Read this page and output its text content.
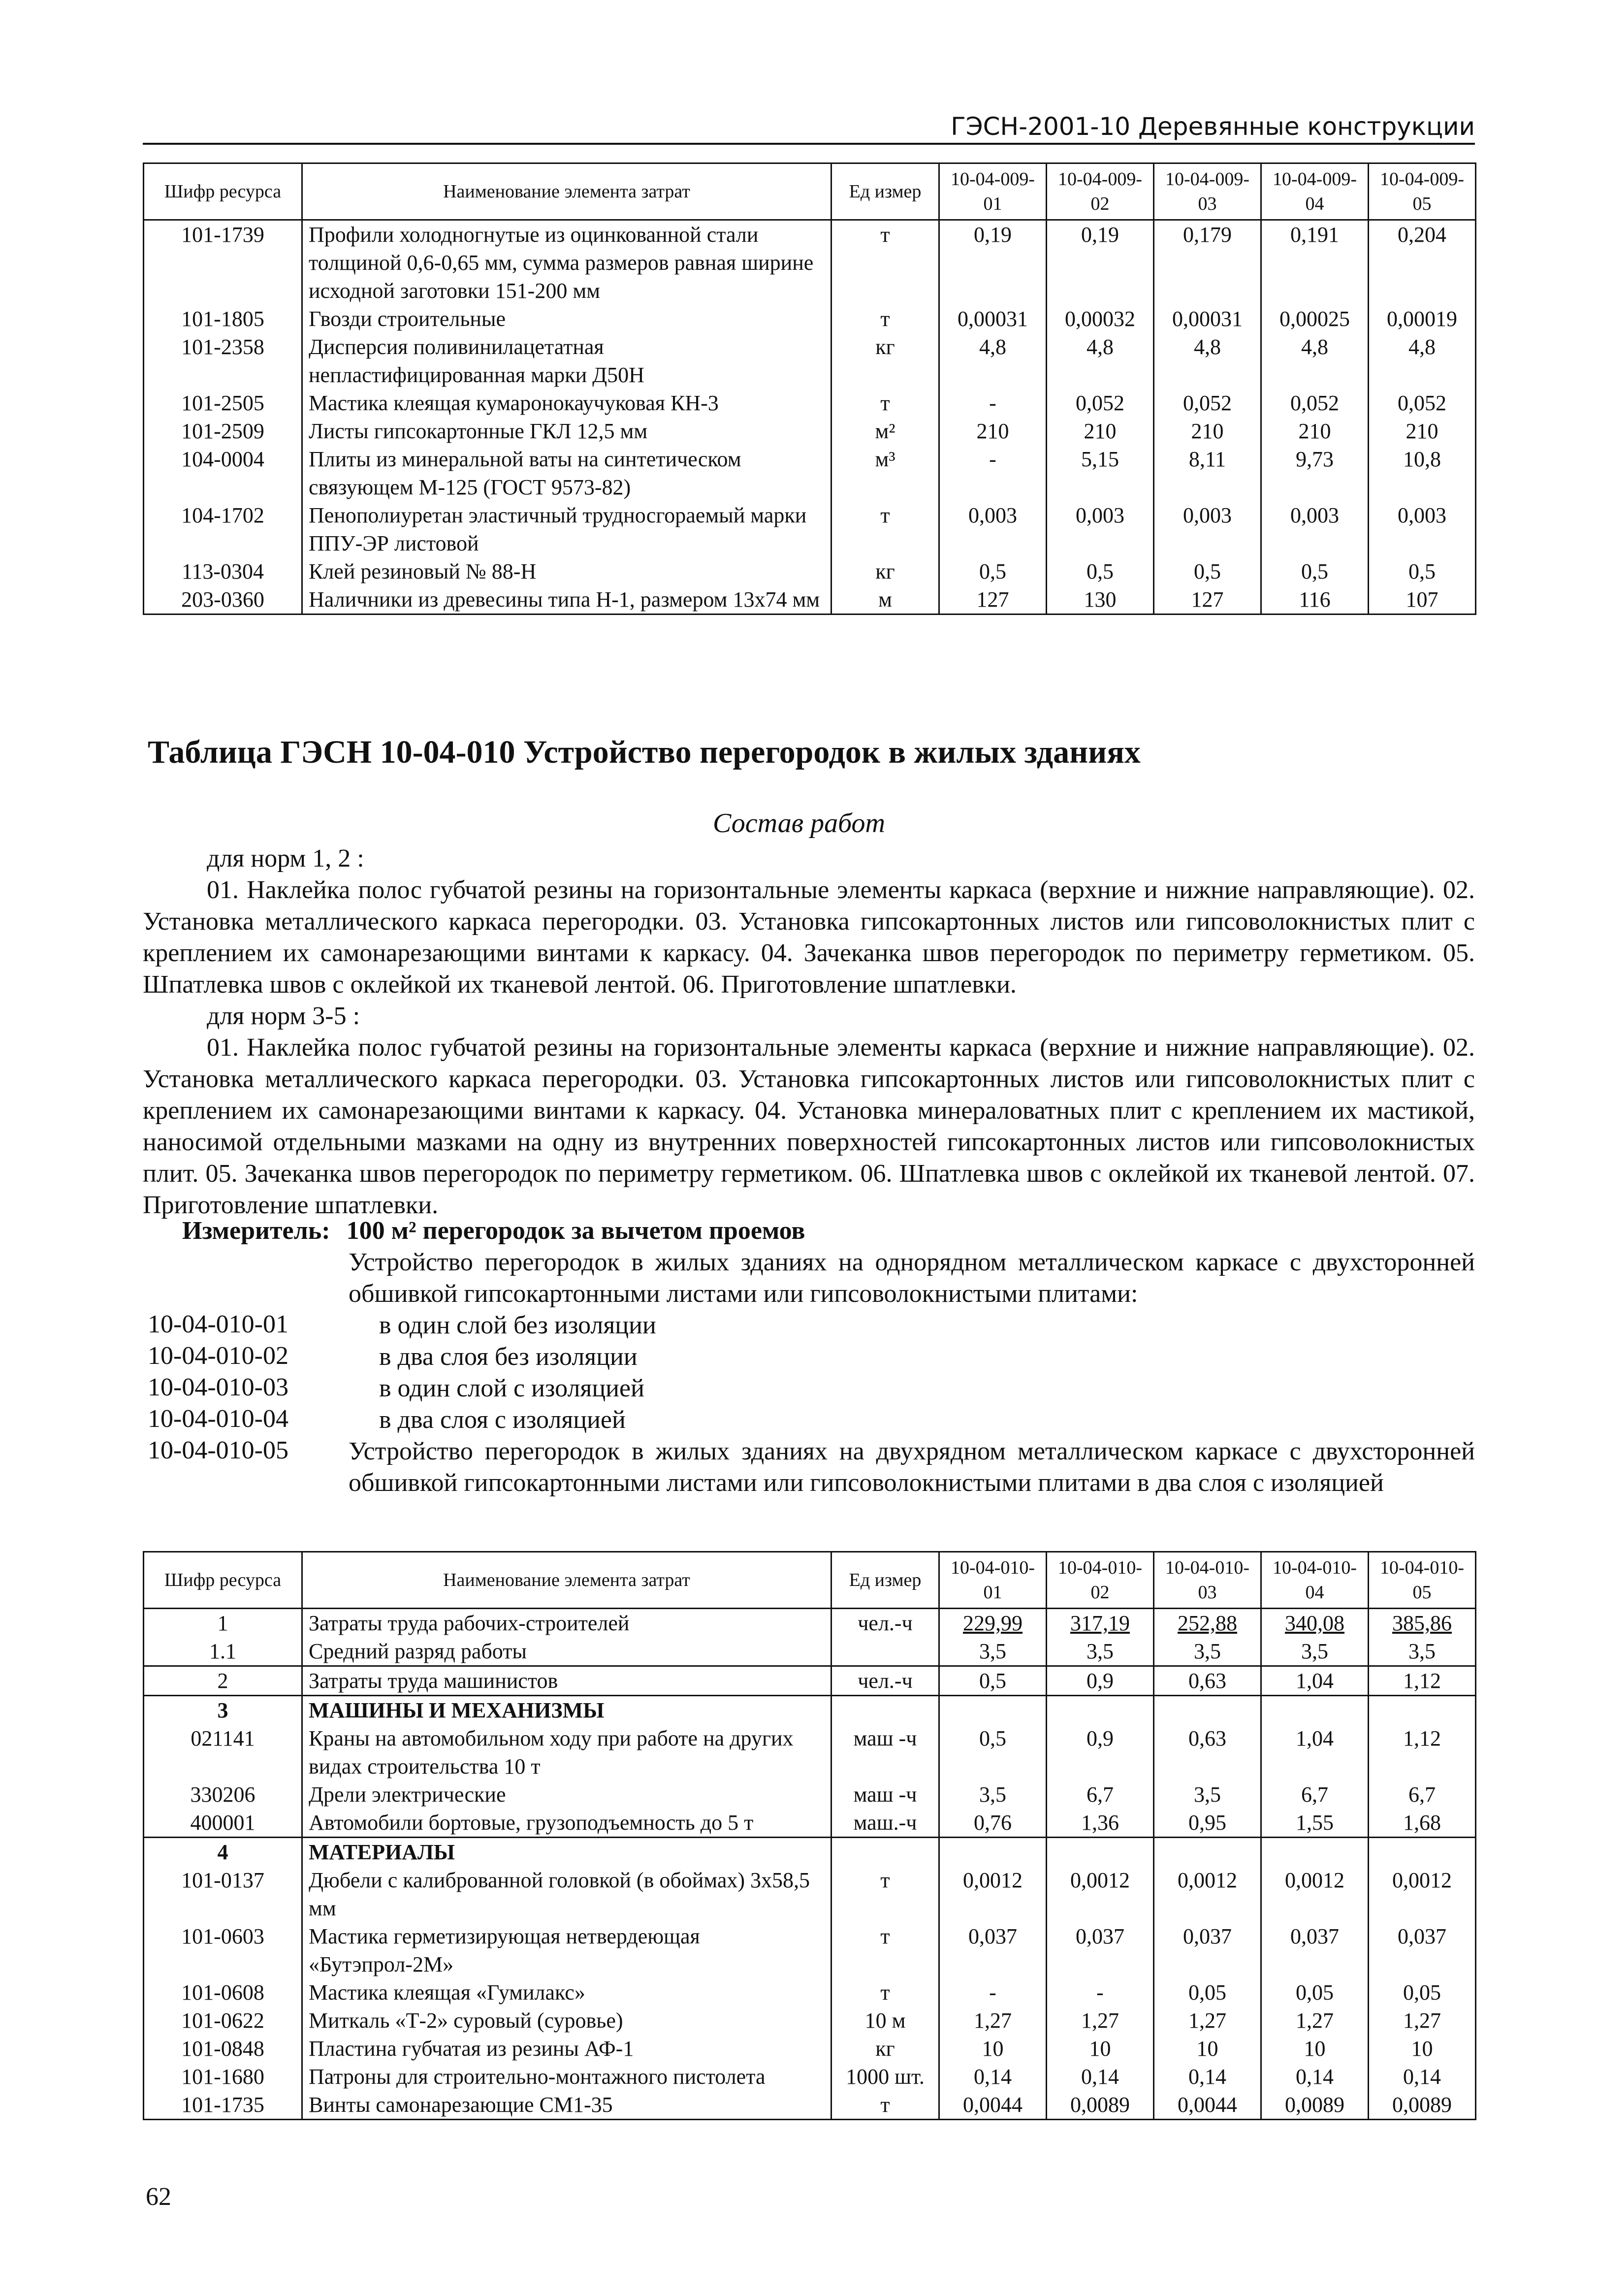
ГЭСН-2001-10 Деревянные конструкции
Шифр ресурса	Наименование элемента затрат	Ед измер	10-04-009-01	10-04-009-02	10-04-009-03	10-04-009-04	10-04-009-05
101-1739	Профили холодногнутые из оцинкованной стали толщиной 0,6-0,65 мм, сумма размеров равная ширине исходной заготовки 151-200 мм	т	0,19	0,19	0,179	0,191	0,204
101-1805	Гвозди строительные	т	0,00031	0,00032	0,00031	0,00025	0,00019
101-2358	Дисперсия поливинилацетатная непластифицированная марки Д50Н	кг	4,8	4,8	4,8	4,8	4,8
101-2505	Мастика клеящая кумаронокаучуковая КН-3	т	-	0,052	0,052	0,052	0,052
101-2509	Листы гипсокартонные ГКЛ 12,5 мм	м²	210	210	210	210	210
104-0004	Плиты из минеральной ваты на синтетическом связующем М-125 (ГОСТ 9573-82)	м³	-	5,15	8,11	9,73	10,8
104-1702	Пенополиуретан эластичный трудносгораемый марки ППУ-ЭР листовой	т	0,003	0,003	0,003	0,003	0,003
113-0304	Клей резиновый № 88-Н	кг	0,5	0,5	0,5	0,5	0,5
203-0360	Наличники из древесины типа Н-1, размером 13х74 мм	м	127	130	127	116	107
Таблица ГЭСН 10-04-010 Устройство перегородок в жилых зданиях
Состав работ
для норм 1, 2 :
01. Наклейка полос губчатой резины на горизонтальные элементы каркаса (верхние и нижние направляющие). 02. Установка металлического каркаса перегородки. 03. Установка гипсокартонных листов или гипсоволокнистых плит с креплением их самонарезающими винтами к каркасу. 04. Зачеканка швов перегородок по периметру герметиком. 05. Шпатлевка швов с оклейкой их тканевой лентой. 06. Приготовление шпатлевки.
для норм 3-5 :
01. Наклейка полос губчатой резины на горизонтальные элементы каркаса (верхние и нижние направляющие). 02. Установка металлического каркаса перегородки. 03. Установка гипсокартонных листов или гипсоволокнистых плит с креплением их самонарезающими винтами к каркасу. 04. Установка минераловатных плит с креплением их мастикой, наносимой отдельными мазками на одну из внутренних поверхностей гипсокартонных листов или гипсоволокнистых плит. 05. Зачеканка швов перегородок по периметру герметиком. 06. Шпатлевка швов с оклейкой их тканевой лентой. 07. Приготовление шпатлевки.
Измеритель: 100 м² перегородок за вычетом проемов
Устройство перегородок в жилых зданиях на однорядном металлическом каркасе с двухсторонней обшивкой гипсокартонными листами или гипсоволокнистыми плитами:
10-04-010-01	в один слой без изоляции
10-04-010-02	в два слоя без изоляции
10-04-010-03	в один слой с изоляцией
10-04-010-04	в два слоя с изоляцией
10-04-010-05 Устройство перегородок в жилых зданиях на двухрядном металлическом каркасе с двухсторонней обшивкой гипсокартонными листами или гипсоволокнистыми плитами в два слоя с изоляцией
Шифр ресурса	Наименование элемента затрат	Ед измер	10-04-010-01	10-04-010-02	10-04-010-03	10-04-010-04	10-04-010-05
1	Затраты труда рабочих-строителей	чел.-ч	229,99	317,19	252,88	340,08	385,86
1.1	Средний разряд работы		3,5	3,5	3,5	3,5	3,5
2	Затраты труда машинистов	чел.-ч	0,5	0,9	0,63	1,04	1,12
3	МАШИНЫ И МЕХАНИЗМЫ						
021141	Краны на автомобильном ходу при работе на других видах строительства 10 т	маш -ч	0,5	0,9	0,63	1,04	1,12
330206	Дрели электрические	маш -ч	3,5	6,7	3,5	6,7	6,7
400001	Автомобили бортовые, грузоподъемность до 5 т	маш.-ч	0,76	1,36	0,95	1,55	1,68
4	МАТЕРИАЛЫ						
101-0137	Дюбели с калиброванной головкой (в обоймах) 3х58,5 мм	т	0,0012	0,0012	0,0012	0,0012	0,0012
101-0603	Мастика герметизирующая нетвердеющая «Бутэпрол-2М»	т	0,037	0,037	0,037	0,037	0,037
101-0608	Мастика клеящая «Гумилакс»	т	-	-	0,05	0,05	0,05
101-0622	Миткаль «Т-2» суровый (суровье)	10 м	1,27	1,27	1,27	1,27	1,27
101-0848	Пластина губчатая из резины АФ-1	кг	10	10	10	10	10
101-1680	Патроны для строительно-монтажного пистолета	1000 шт.	0,14	0,14	0,14	0,14	0,14
101-1735	Винты самонарезающие СМ1-35	т	0,0044	0,0089	0,0044	0,0089	0,0089
62
